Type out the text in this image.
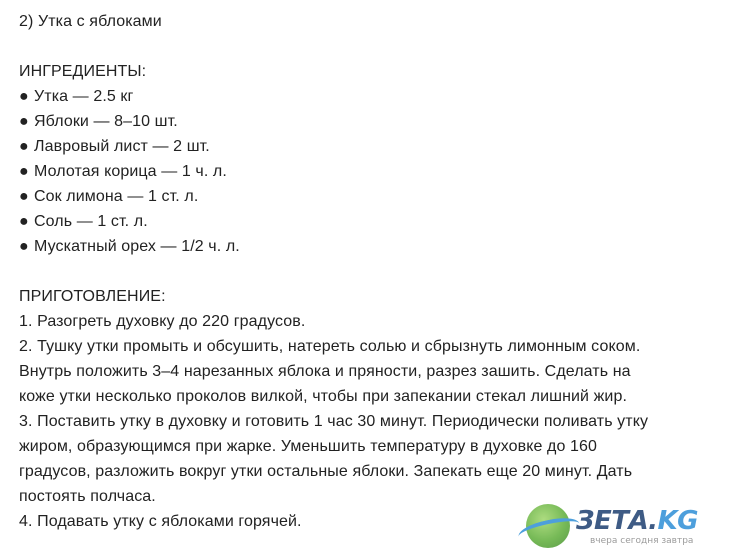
2) Утка с яблоками
ИНГРЕДИЕНТЫ:
● Утка — 2.5 кг
● Яблоки — 8–10 шт.
● Лавровый лист — 2 шт.
● Молотая корица — 1 ч. л.
● Сок лимона — 1 ст. л.
● Соль — 1 ст. л.
● Мускатный орех — 1/2 ч. л.
ПРИГОТОВЛЕНИЕ:
1. Разогреть духовку до 220 градусов.
2. Тушку утки промыть и обсушить, натереть солью и сбрызнуть лимонным соком.
Внутрь положить 3–4 нарезанных яблока и пряности, разрез зашить. Сделать на
коже утки несколько проколов вилкой, чтобы при запекании стекал лишний жир.
3. Поставить утку в духовку и готовить 1 час 30 минут. Периодически поливать утку
жиром, образующимся при жарке. Уменьшить температуру в духовке до 160
градусов, разложить вокруг утки остальные яблоки. Запекать еще 20 минут. Дать
постоять полчаса.
4. Подавать утку с яблоками горячей.	ЗЕТА.KG
вчера сегодня завтра
